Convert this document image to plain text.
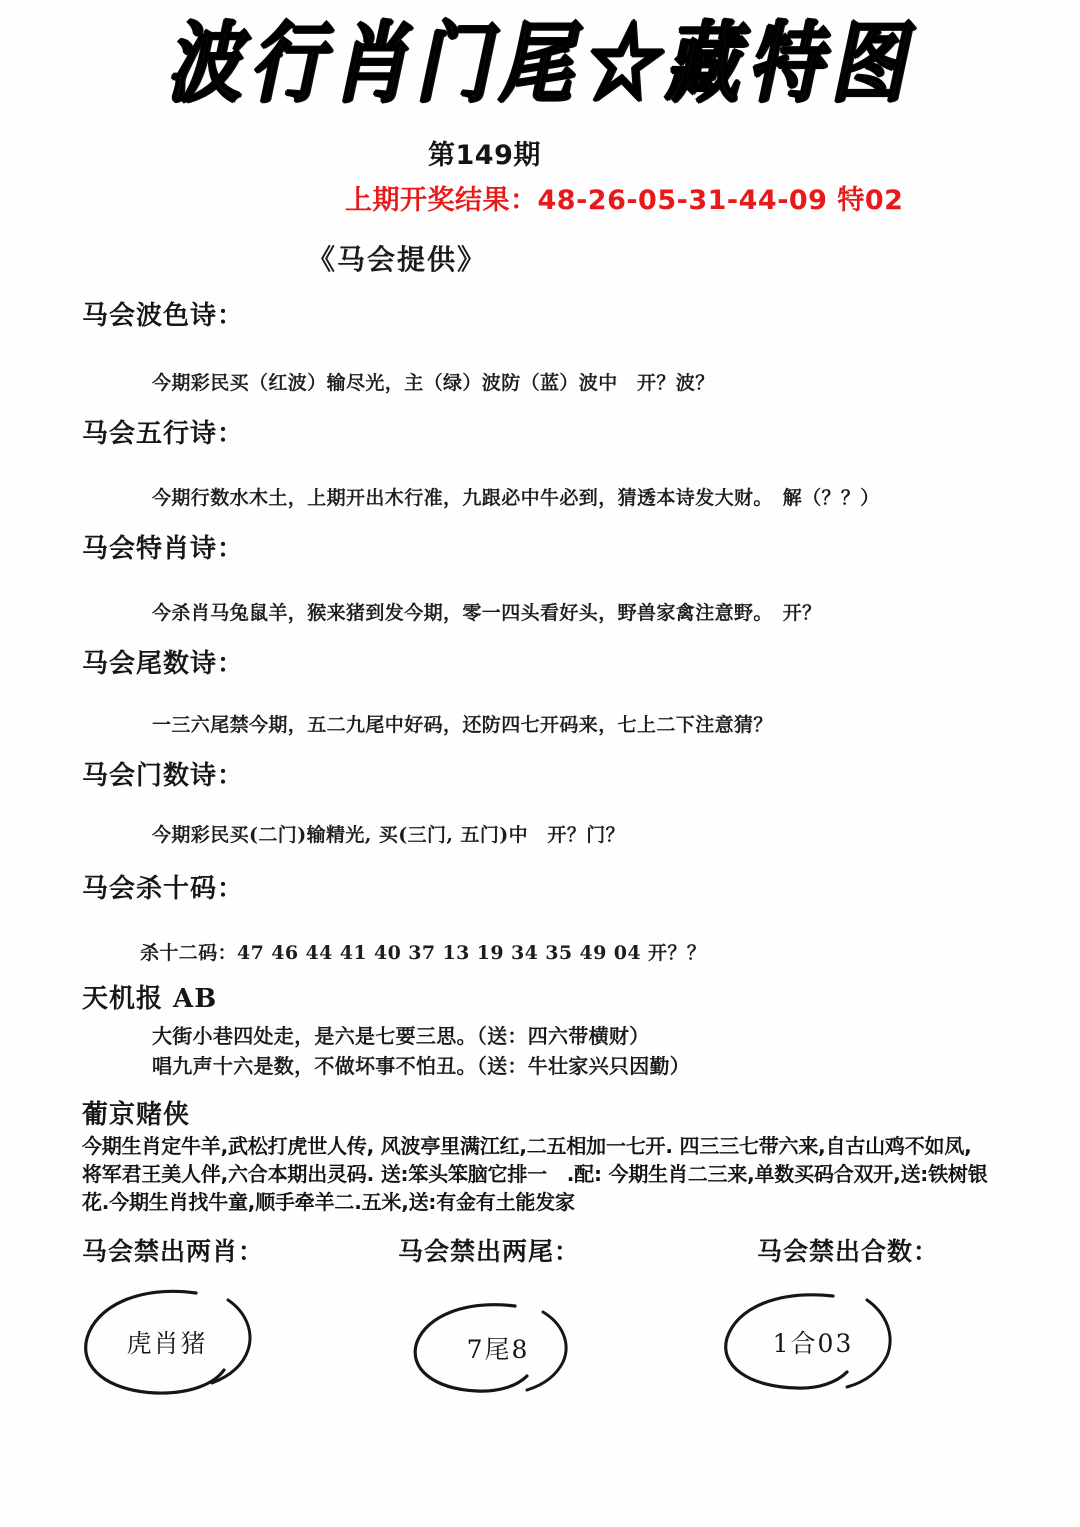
波行肖门尾☆藏特图
第149期
上期开奖结果：48-26-05-31-44-09 特02
《马会提供》
马会波色诗：
今期彩民买（红波）输尽光，主（绿）波防（蓝）波中　开？波？
马会五行诗：
今期行数水木土，上期开出木行准，九跟必中牛必到，猜透本诗发大财。　解（？？）
马会特肖诗：
今杀肖马兔鼠羊，猴来猪到发今期，零一四头看好头，野兽家禽注意野。　开？
马会尾数诗：
一三六尾禁今期，五二九尾中好码，还防四七开码来，七上二下注意猜？
马会门数诗：
今期彩民买(二门)输精光, 买(三门, 五门)中　开？门？
马会杀十码：
杀十二码：47 46 44 41 40 37 13 19 34 35 49 04 开？？
天机报 AB
大街小巷四处走，是六是七要三思。（送：四六带横财）
唱九声十六是数，不做坏事不怕丑。（送：牛壮家兴只因勤）
葡京赌侠
今期生肖定牛羊,武松打虎世人传, 风波亭里满江红,二五相加一七开. 四三三七带六来,自古山鸡不如凤,
将军君王美人伴,六合本期出灵码. 送:笨头笨脑它排一　.配: 今期生肖二三来,单数买码合双开,送:铁树银
花.今期生肖找牛童,顺手牵羊二.五米,送:有金有土能发家
马会禁出两肖：	马会禁出两尾：	马会禁出合数：
虎肖猪	7尾8	1合03
